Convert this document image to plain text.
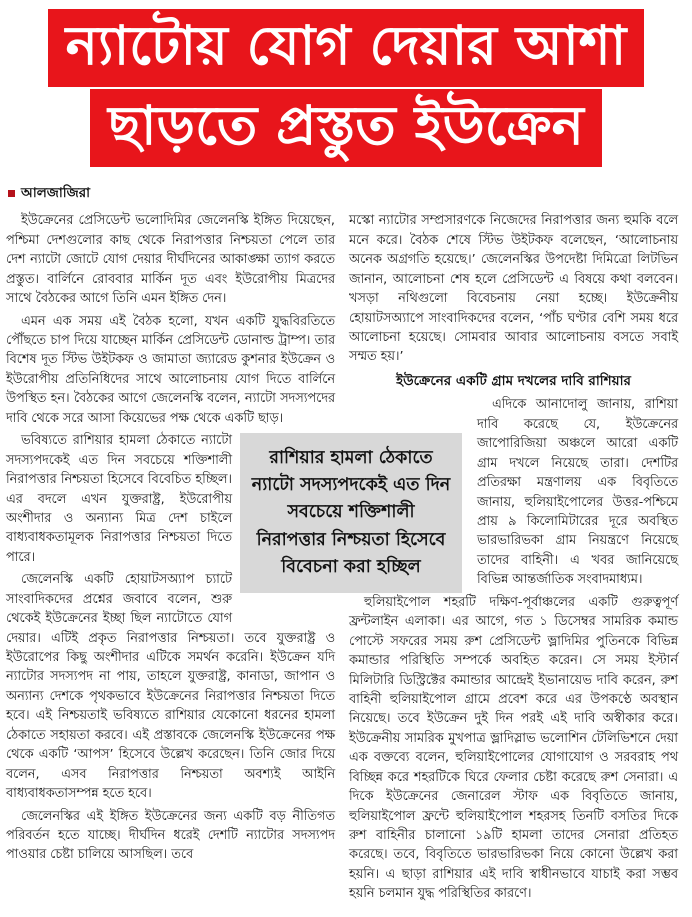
ন্যাটোয় যোগ দেয়ার আশা
ছাড়তে প্রস্তুত ইউক্রেন
আলজাজিরা

ইউক্রেনের প্রেসিডেন্ট ভলোদিমির জেলেনস্কি ইঙ্গিত দিয়েছেন, পশ্চিমা দেশগুলোর কাছ থেকে নিরাপত্তার নিশ্চয়তা পেলে তার দেশ ন্যাটো জোটে যোগ দেয়ার দীর্ঘদিনের আকাঙ্ক্ষা ত্যাগ করতে প্রস্তুত। বার্লিনে রোববার মার্কিন দূত এবং ইউরোপীয় মিত্রদের সাথে বৈঠকের আগে তিনি এমন ইঙ্গিত দেন।

এমন এক সময় এই বৈঠক হলো, যখন একটি যুদ্ধবিরতিতে পৌঁছতে চাপ দিয়ে যাচ্ছেন মার্কিন প্রেসিডেন্ট ডোনাল্ড ট্রাম্প। তার বিশেষ দূত স্টিভ উইটকফ ও জামাতা জ্যারেড কুশনার ইউক্রেন ও ইউরোপীয় প্রতিনিধিদের সাথে আলোচনায় যোগ দিতে বার্লিনে উপস্থিত হন। বৈঠকের আগে জেলেনস্কি বলেন, ন্যাটো সদস্যপদের দাবি থেকে সরে আসা কিয়েভের পক্ষ থেকে একটি ছাড়।

রাশিয়ার হামলা ঠেকাতে ন্যাটো সদস্যপদকেই এত দিন সবচেয়ে শক্তিশালী নিরাপত্তার নিশ্চয়তা হিসেবে বিবেচনা করা হচ্ছিল

ভবিষ্যতে রাশিয়ার হামলা ঠেকাতে ন্যাটো সদস্যপদকেই এত দিন সবচেয়ে শক্তিশালী নিরাপত্তার নিশ্চয়তা হিসেবে বিবেচিত হচ্ছিল। এর বদলে এখন যুক্তরাষ্ট্র, ইউরোপীয় অংশীদার ও অন্যান্য মিত্র দেশ চাইলে বাধ্যবাধকতামূলক নিরাপত্তার নিশ্চয়তা দিতে পারে।

জেলেনস্কি একটি হোয়াটসঅ্যাপ চ্যাটে সাংবাদিকদের প্রশ্নের জবাবে বলেন, শুরু থেকেই ইউক্রেনের ইচ্ছা ছিল ন্যাটোতে যোগ দেয়ার। এটিই প্রকৃত নিরাপত্তার নিশ্চয়তা। তবে যুক্তরাষ্ট্র ও ইউরোপের কিছু অংশীদার এটিকে সমর্থন করেনি। ইউক্রেন যদি ন্যাটোর সদস্যপদ না পায়, তাহলে যুক্তরাষ্ট্র, কানাডা, জাপান ও অন্যান্য দেশকে পৃথকভাবে ইউক্রেনের নিরাপত্তার নিশ্চয়তা দিতে হবে। এই নিশ্চয়তাই ভবিষ্যতে রাশিয়ার যেকোনো ধরনের হামলা ঠেকাতে সহায়তা করবে। এই প্রস্তাবকে জেলেনস্কি ইউক্রেনের পক্ষ থেকে একটি ‘আপস’ হিসেবে উল্লেখ করেছেন। তিনি জোর দিয়ে বলেন, এসব নিরাপত্তার নিশ্চয়তা অবশ্যই আইনি বাধ্যবাধকতাসম্পন্ন হতে হবে।

জেলেনস্কির এই ইঙ্গিত ইউক্রেনের জন্য একটি বড় নীতিগত পরিবর্তন হতে যাচ্ছে। দীর্ঘদিন ধরেই দেশটি ন্যাটোর সদস্যপদ পাওয়ার চেষ্টা চালিয়ে আসছিল। তবে

মস্কো ন্যাটোর সম্প্রসারণকে নিজেদের নিরাপত্তার জন্য হুমকি বলে মনে করে। বৈঠক শেষে স্টিভ উইটকফ বলেছেন, ‘আলোচনায় অনেক অগ্রগতি হয়েছে।’ জেলেনস্কির উপদেষ্টা দিমিত্রো লিটভিন জানান, আলোচনা শেষ হলে প্রেসিডেন্ট এ বিষয়ে কথা বলবেন। খসড়া নথিগুলো বিবেচনায় নেয়া হচ্ছে। ইউক্রেনীয় হোয়াটসঅ্যাপে সাংবাদিকদের বলেন, ‘পাঁচ ঘণ্টার বেশি সময় ধরে আলোচনা হয়েছে। সোমবার আবার আলোচনায় বসতে সবাই সম্মত হয়।’

ইউক্রেনের একটি গ্রাম দখলের দাবি রাশিয়ার

এদিকে আনাদোলু জানায়, রাশিয়া দাবি করেছে যে, ইউক্রেনের জাপোরিজিয়া অঞ্চলে আরো একটি গ্রাম দখলে নিয়েছে তারা। দেশটির প্রতিরক্ষা মন্ত্রণালয় এক বিবৃতিতে জানায়, হুলিয়াইপোলের উত্তর-পশ্চিমে প্রায় ৯ কিলোমিটারের দূরে অবস্থিত ভারভারিভকা গ্রাম নিয়ন্ত্রণে নিয়েছে তাদের বাহিনী। এ খবর জানিয়েছে বিভিন্ন আন্তর্জাতিক সংবাদমাধ্যম।

হুলিয়াইপোল শহরটি দক্ষিণ-পূর্বাঞ্চলের একটি গুরুত্বপূর্ণ ফ্রন্টলাইন এলাকা। এর আগে, গত ১ ডিসেম্বর সামরিক কমান্ড পোস্টে সফরের সময় রুশ প্রেসিডেন্ট ভ্লাদিমির পুতিনকে বিভিন্ন কমান্ডার পরিস্থিতি সম্পর্কে অবহিত করেন। সে সময় ইস্টার্ন মিলিটারি ডিস্ট্রিক্টের কমান্ডার আন্দ্রেই ইভানায়েভ দাবি করেন, রুশ বাহিনী হুলিয়াইপোল গ্রামে প্রবেশ করে এর উপকণ্ঠে অবস্থান নিয়েছে। তবে ইউক্রেন দুই দিন পরই এই দাবি অস্বীকার করে। ইউক্রেনীয় সামরিক মুখপাত্র ভ্লাদিস্লাভ ভলোশিন টেলিভিশনে দেয়া এক বক্তব্যে বলেন, হুলিয়াইপোলের যোগাযোগ ও সরবরাহ পথ বিচ্ছিন্ন করে শহরটিকে ঘিরে ফেলার চেষ্টা করেছে রুশ সেনারা। এ দিকে ইউক্রেনের জেনারেল স্টাফ এক বিবৃতিতে জানায়, হুলিয়াইপোল ফ্রন্টে হুলিয়াইপোল শহরসহ তিনটি বসতির দিকে রুশ বাহিনীর চালানো ১৯টি হামলা তাদের সেনারা প্রতিহত করেছে। তবে, বিবৃতিতে ভারভারিভকা নিয়ে কোনো উল্লেখ করা হয়নি। এ ছাড়া রাশিয়ার এই দাবি স্বাধীনভাবে যাচাই করা সম্ভব হয়নি চলমান যুদ্ধ পরিস্থিতির কারণে।
